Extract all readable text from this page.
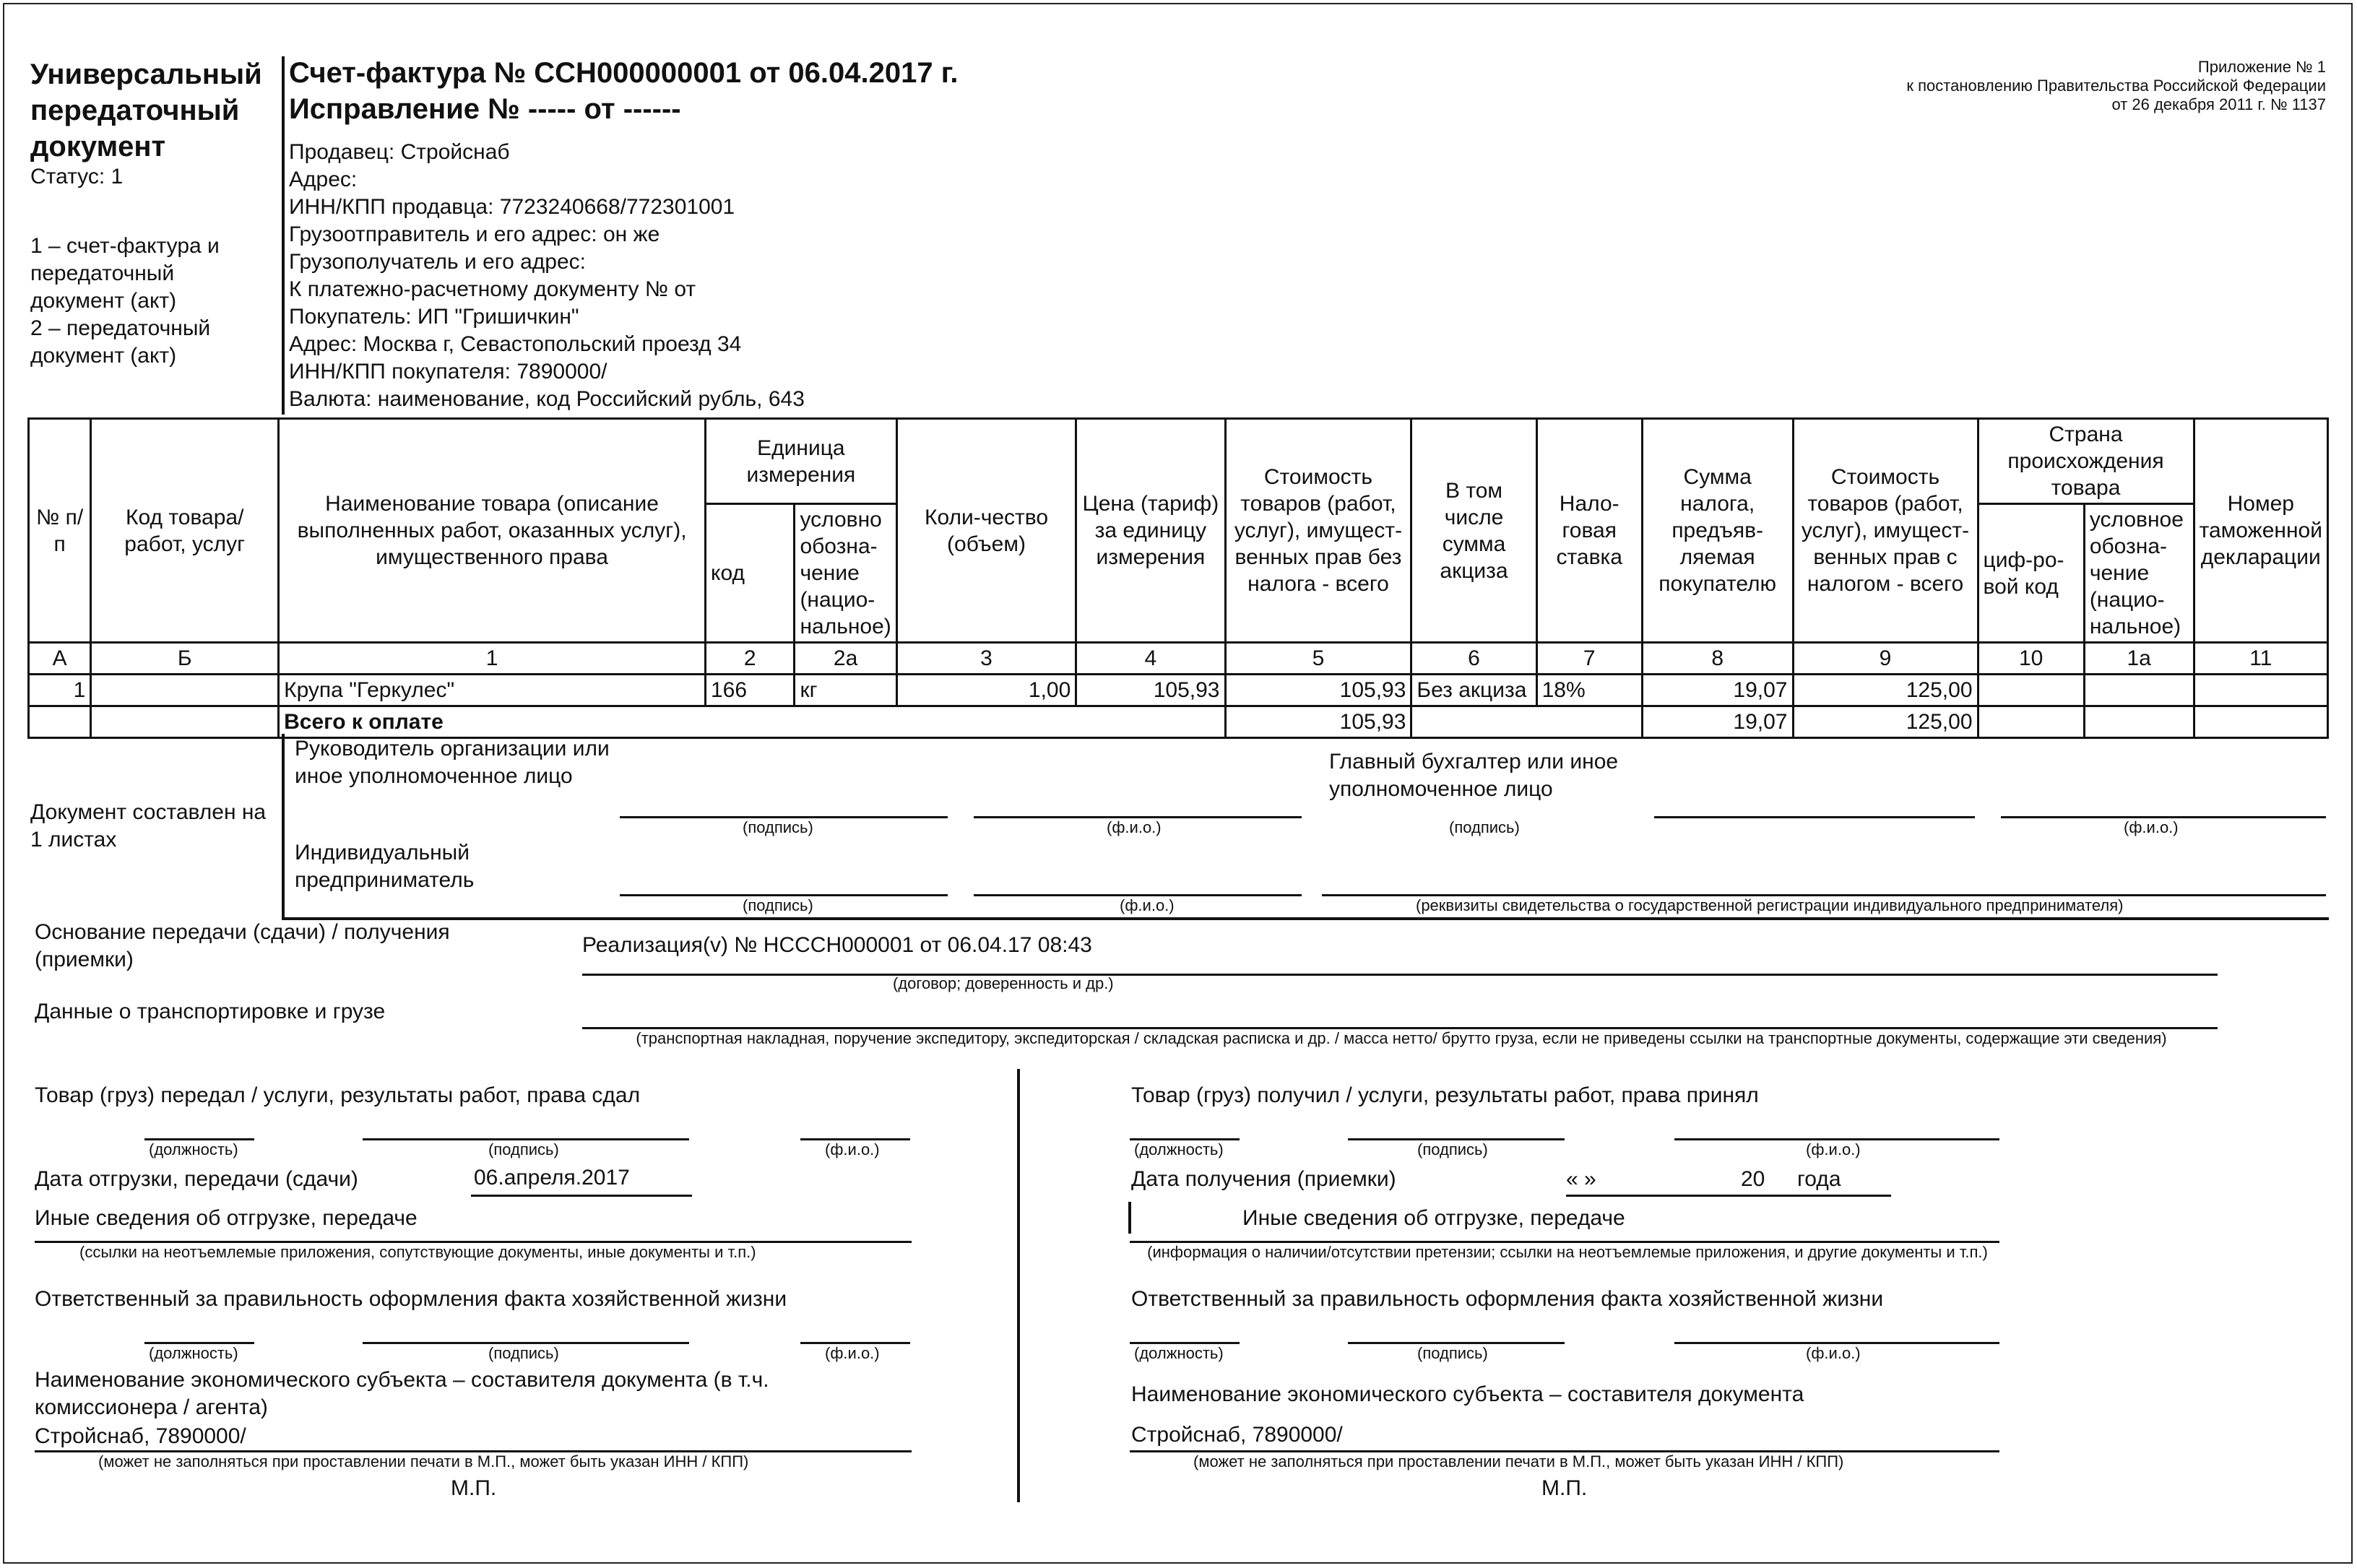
Универсальный передаточный документ
Статус: 1
1 – счет-фактура и передаточный документ (акт)
2 – передаточный документ (акт)
Счет-фактура № ССН000000001 от 06.04.2017 г.
Исправление № ----- от ------
Приложение № 1
к постановлению Правительства Российской Федерации
от 26 декабря 2011 г. № 1137
Продавец: Стройснаб
Адрес:
ИНН/КПП продавца: 7723240668/772301001
Грузоотправитель и его адрес: он же
Грузополучатель и его адрес:
К платежно-расчетному документу № от
Покупатель: ИП "Гришичкин"
Адрес: Москва г, Севастопольский проезд 34
ИНН/КПП покупателя: 7890000/
Валюта: наименование, код Российский рубль, 643
№ п/п	Код товара/ работ, услуг	Наименование товара (описание выполненных работ, оказанных услуг), имущественного права	Единица измерения		Коли-чество (объем)	Цена (тариф) за единицу измерения	Стоимость товаров (работ, услуг), имущест-венных прав без налога - всего	В том числе сумма акциза	Нало-говая ставка	Сумма налога, предъяв-ляемая покупателю	Стоимость товаров (работ, услуг), имущест-венных прав с налогом - всего	Страна происхождения товара		Номер таможенной декларации
			код	условно обозна-чение (нацио-нальное)								циф-ро-вой код	условное обозна-чение (нацио-нальное)	
А	Б	1	2	2а	3	4	5	6	7	8	9	10	1а	11
1		Крупа "Геркулес"	166	кг	1,00	105,93	105,93	Без акциза	18%	19,07	125,00			
		Всего к оплате					105,93			19,07	125,00			
Документ составлен на 1 листах
Руководитель организации или иное уполномоченное лицо
Главный бухгалтер или иное уполномоченное лицо
Индивидуальный предприниматель
(подпись)	(ф.и.о.)	(подпись)	(ф.и.о.)
(подпись)	(ф.и.о.)	(реквизиты свидетельства о государственной регистрации индивидуального предпринимателя)
Основание передачи (сдачи) / получения (приемки)
Реализация(v) № НСССН000001 от 06.04.17 08:43
(договор; доверенность и др.)
Данные о транспортировке и грузе
(транспортная накладная, поручение экспедитору, экспедиторская / складская расписка и др. / масса нетто/ брутто груза, если не приведены ссылки на транспортные документы, содержащие эти сведения)
Товар (груз) передал / услуги, результаты работ, права сдал
(должность)	(подпись)	(ф.и.о.)
Дата отгрузки, передачи (сдачи)	06.апреля.2017
Иные сведения об отгрузке, передаче
(ссылки на неотъемлемые приложения, сопутствующие документы, иные документы и т.п.)
Ответственный за правильность оформления факта хозяйственной жизни
(должность)	(подпись)	(ф.и.о.)
Наименование экономического субъекта – составителя документа (в т.ч. комиссионера / агента)
Стройснаб, 7890000/
(может не заполняться при проставлении печати в М.П., может быть указан ИНН / КПП)
М.П.
Товар (груз) получил / услуги, результаты работ, права принял
(должность)	(подпись)	(ф.и.о.)
Дата получения (приемки)	« »	20 года
Иные сведения об отгрузке, передаче
(информация о наличии/отсутствии претензии; ссылки на неотъемлемые приложения, и другие документы и т.п.)
Ответственный за правильность оформления факта хозяйственной жизни
(должность)	(подпись)	(ф.и.о.)
Наименование экономического субъекта – составителя документа
Стройснаб, 7890000/
(может не заполняться при проставлении печати в М.П., может быть указан ИНН / КПП)
М.П.
